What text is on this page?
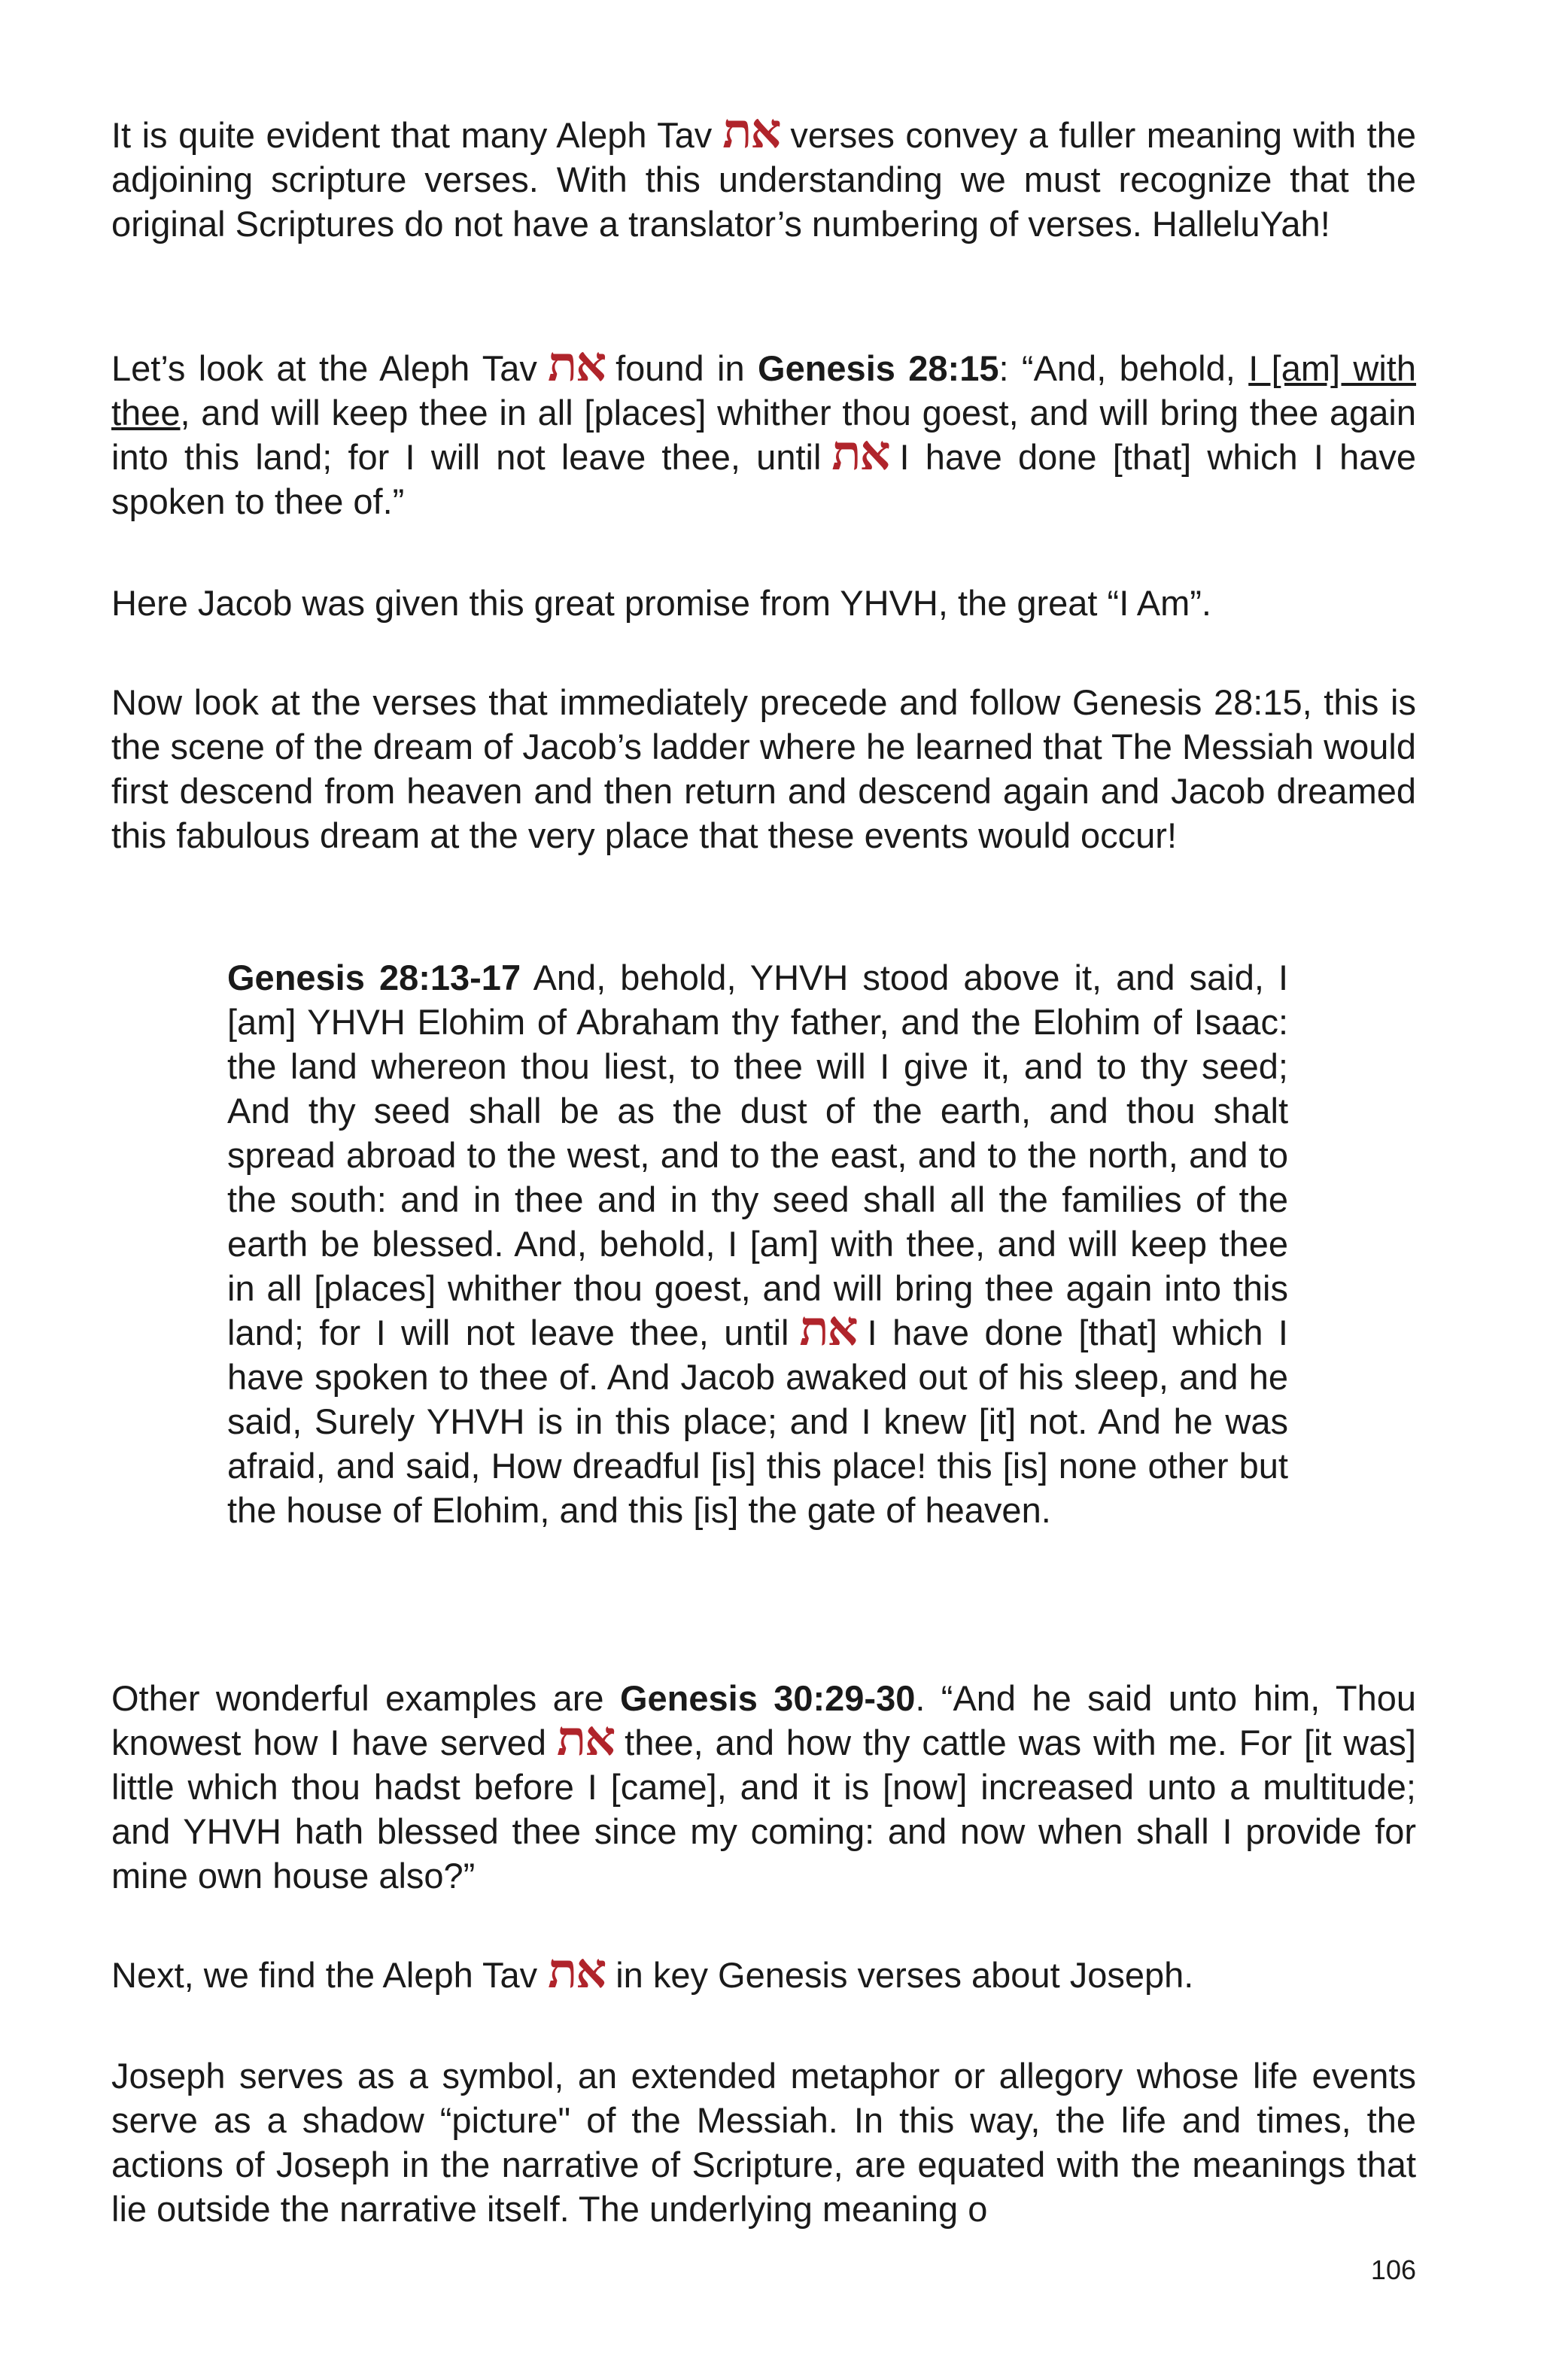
It is quite evident that many Aleph Tav את verses convey a fuller meaning with the adjoining scripture verses. With this understanding we must recognize that the original Scriptures do not have a translator’s numbering of verses. HalleluYah!

Let’s look at the Aleph Tav את found in Genesis 28:15: “And, behold, I [am] with thee, and will keep thee in all [places] whither thou goest, and will bring thee again into this land; for I will not leave thee, until את I have done [that] which I have spoken to thee of.”

Here Jacob was given this great promise from YHVH, the great “I Am”.

Now look at the verses that immediately precede and follow Genesis 28:15, this is the scene of the dream of Jacob’s ladder where he learned that The Messiah would first descend from heaven and then return and descend again and Jacob dreamed this fabulous dream at the very place that these events would occur!

Genesis 28:13-17 And, behold, YHVH stood above it, and said, I [am] YHVH Elohim of Abraham thy father, and the Elohim of Isaac: the land whereon thou liest, to thee will I give it, and to thy seed; And thy seed shall be as the dust of the earth, and thou shalt spread abroad to the west, and to the east, and to the north, and to the south: and in thee and in thy seed shall all the families of the earth be blessed. And, behold, I [am] with thee, and will keep thee in all [places] whither thou goest, and will bring thee again into this land; for I will not leave thee, until את I have done [that] which I have spoken to thee of. And Jacob awaked out of his sleep, and he said, Surely YHVH is in this place; and I knew [it] not. And he was afraid, and said, How dreadful [is] this place! this [is] none other but the house of Elohim, and this [is] the gate of heaven.

Other wonderful examples are Genesis 30:29-30. “And he said unto him, Thou knowest how I have served את thee, and how thy cattle was with me. For [it was] little which thou hadst before I [came], and it is [now] increased unto a multitude; and YHVH hath blessed thee since my coming: and now when shall I provide for mine own house also?”

Next, we find the Aleph Tav את in key Genesis verses about Joseph.

Joseph serves as a symbol, an extended metaphor or allegory whose life events serve as a shadow “picture" of the Messiah. In this way, the life and times, the actions of Joseph in the narrative of Scripture, are equated with the meanings that lie outside the narrative itself. The underlying meaning o

106
